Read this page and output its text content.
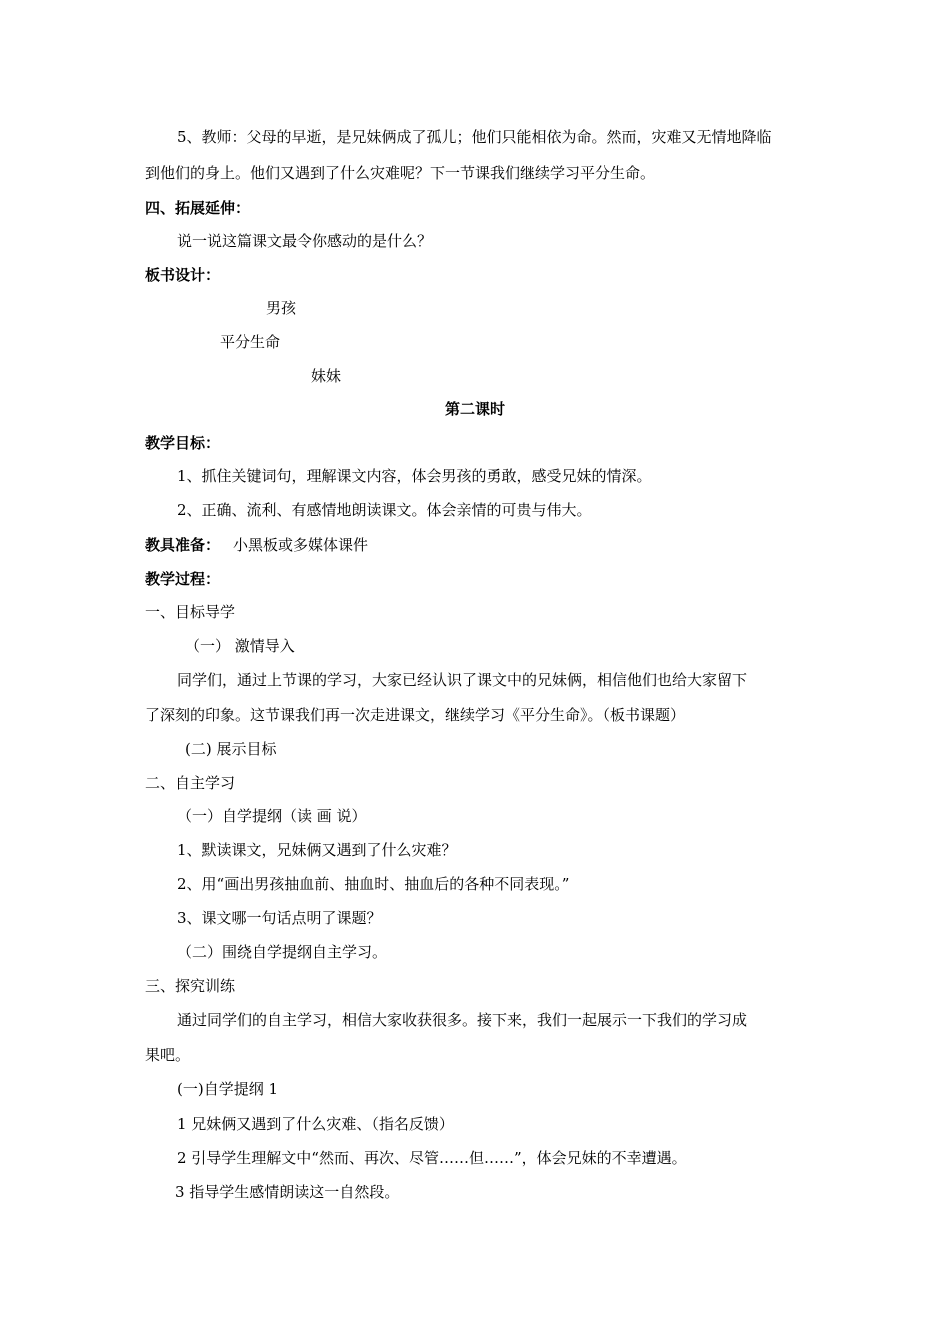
5、教师：父母的早逝，是兄妹俩成了孤儿；他们只能相依为命。然而，灾难又无情地降临
到他们的身上。他们又遇到了什么灾难呢？下一节课我们继续学习平分生命。
四、拓展延伸：
说一说这篇课文最令你感动的是什么？
板书设计：
男孩
平分生命
妹妹
第二课时
教学目标：
1、抓住关键词句，理解课文内容，体会男孩的勇敢，感受兄妹的情深。
2、正确、流利、有感情地朗读课文。体会亲情的可贵与伟大。
教具准备： 小黑板或多媒体课件
教学过程：
一、目标导学
（一） 激情导入
同学们，通过上节课的学习，大家已经认识了课文中的兄妹俩，相信他们也给大家留下
了深刻的印象。这节课我们再一次走进课文，继续学习《平分生命》。（板书课题）
(二) 展示目标
二、自主学习
（一）自学提纲（读 画 说）
1、默读课文，兄妹俩又遇到了什么灾难？
2、用“画出男孩抽血前、抽血时、抽血后的各种不同表现。”
3、课文哪一句话点明了课题？
（二）围绕自学提纲自主学习。
三、探究训练
通过同学们的自主学习，相信大家收获很多。接下来，我们一起展示一下我们的学习成
果吧。
(一)自学提纲 1
1 兄妹俩又遇到了什么灾难、（指名反馈）
2 引导学生理解文中“然而、再次、尽管……但……”，体会兄妹的不幸遭遇。
3 指导学生感情朗读这一自然段。
